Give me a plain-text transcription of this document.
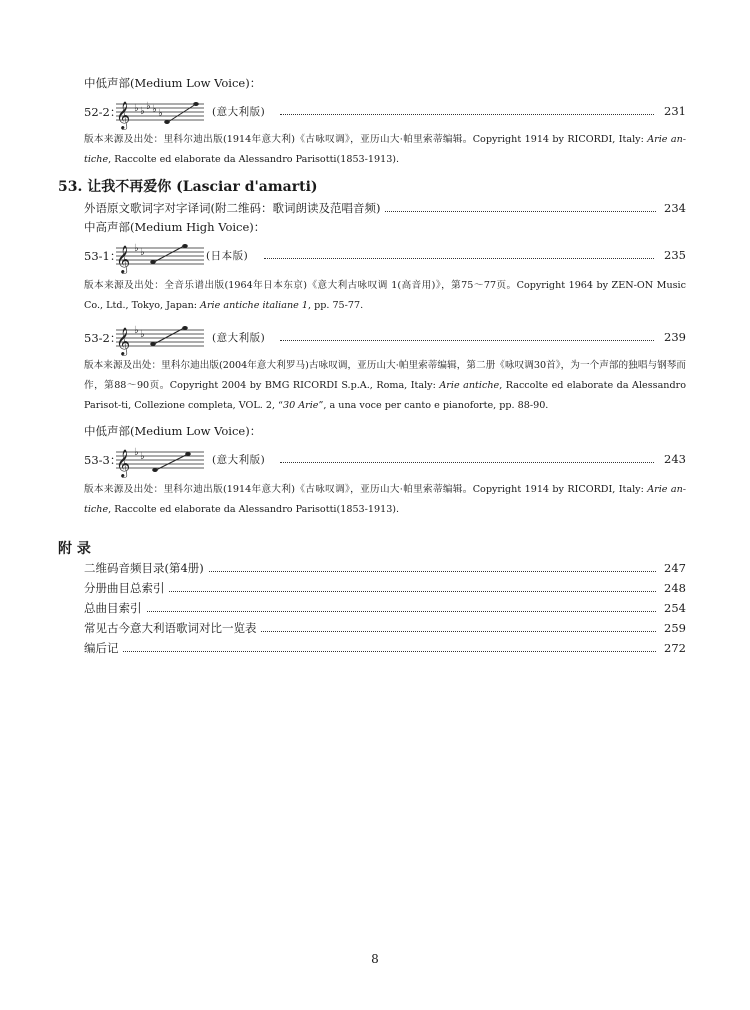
中低声部(Medium Low Voice)：
52-2：
𝄞 ♭ ♭ ♭ ♭ ♭	(意大利版)	231
版本来源及出处：里科尔迪出版(1914年意大利)《古咏叹调》，亚历山大·帕里索蒂编辑。Copyright 1914 by RICORDI, Italy: Arie an-tiche, Raccolte ed elaborate da Alessandro Parisotti(1853-1913).
53. 让我不再爱你 (Lasciar d'amarti)
外语原文歌词字对字译词(附二维码：歌词朗读及范唱音频)	234
中高声部(Medium High Voice)：
53-1：
𝄞 ♭ ♭	(日本版)	235
版本来源及出处：全音乐谱出版(1964年日本东京)《意大利古咏叹调 1(高音用)》，第75～77页。Copyright 1964 by ZEN-ON Music Co., Ltd., Tokyo, Japan: Arie antiche italiane 1, pp. 75-77.
53-2：
𝄞 ♭ ♭	(意大利版)	239
版本来源及出处：里科尔迪出版(2004年意大利罗马)古咏叹调，亚历山大·帕里索蒂编辑，第二册《咏叹调30首》，为一个声部的独唱与钢琴而作，第88～90页。Copyright 2004 by BMG RICORDI S.p.A., Roma, Italy: Arie antiche, Raccolte ed elaborate da Alessandro Parisot-ti, Collezione completa, VOL. 2, “30 Arie”, a una voce per canto e pianoforte, pp. 88-90.
中低声部(Medium Low Voice)：
53-3：
𝄞 ♭ ♭	(意大利版)	243
版本来源及出处：里科尔迪出版(1914年意大利)《古咏叹调》，亚历山大·帕里索蒂编辑。Copyright 1914 by RICORDI, Italy: Arie an-tiche, Raccolte ed elaborate da Alessandro Parisotti(1853-1913).
附 录
二维码音频目录(第4册)	247
分册曲目总索引	248
总曲目索引	254
常见古今意大利语歌词对比一览表	259
编后记	272
8
